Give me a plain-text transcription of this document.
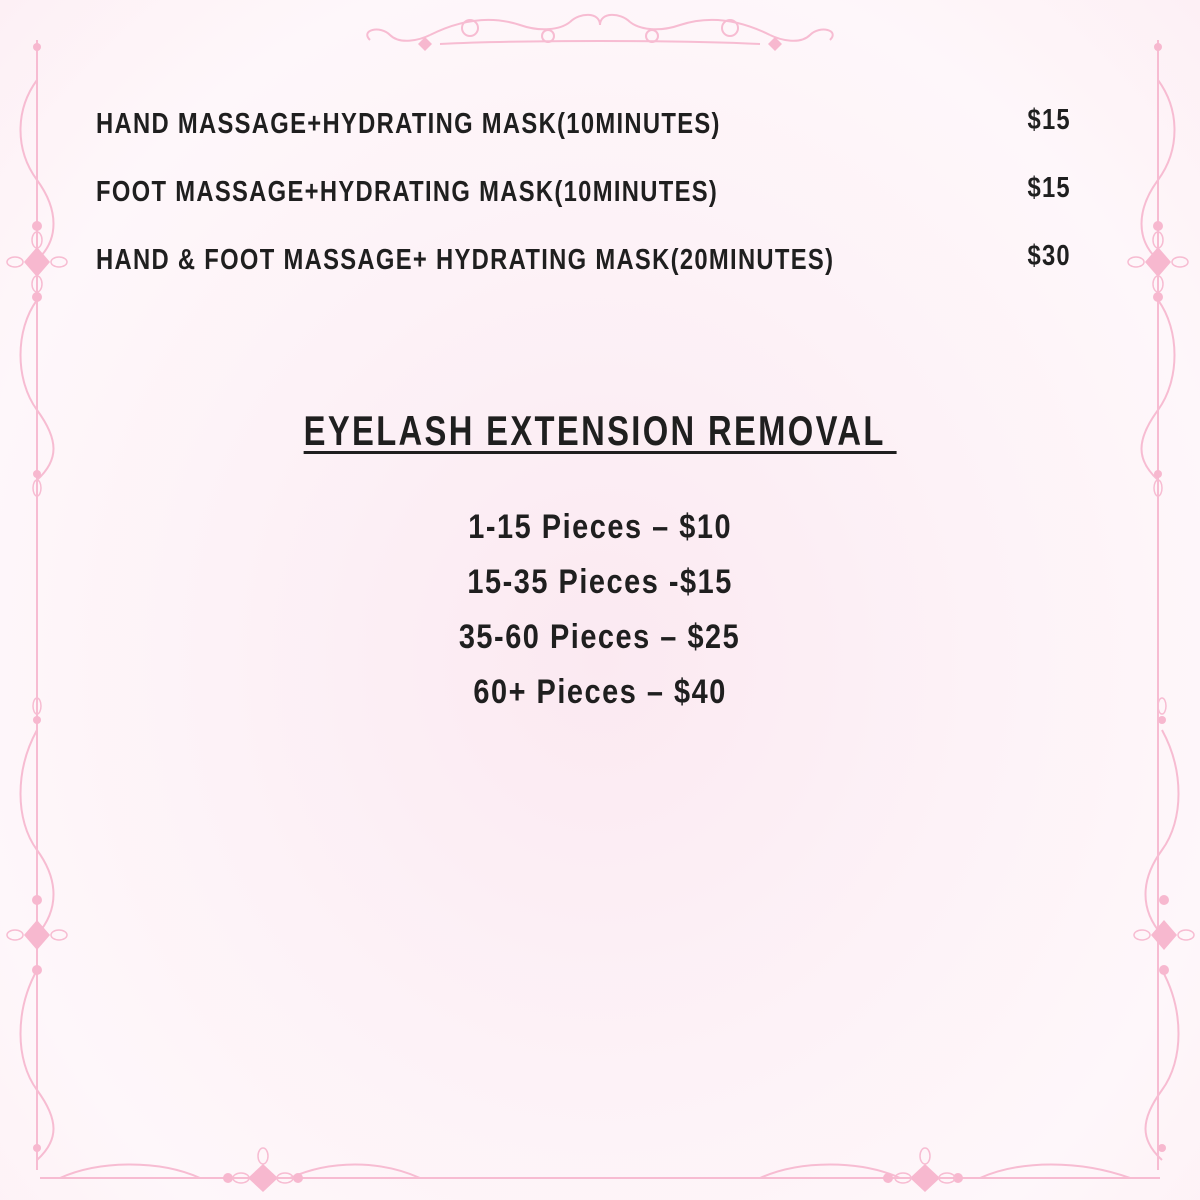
HAND MASSAGE+HYDRATING MASK(10MINUTES)	$15
FOOT MASSAGE+HYDRATING MASK(10MINUTES)	$15
HAND & FOOT MASSAGE+ HYDRATING MASK(20MINUTES)	$30
EYELASH EXTENSION REMOVAL
1-15 Pieces – $10
15-35 Pieces -$15
35-60 Pieces – $25
60+ Pieces – $40
